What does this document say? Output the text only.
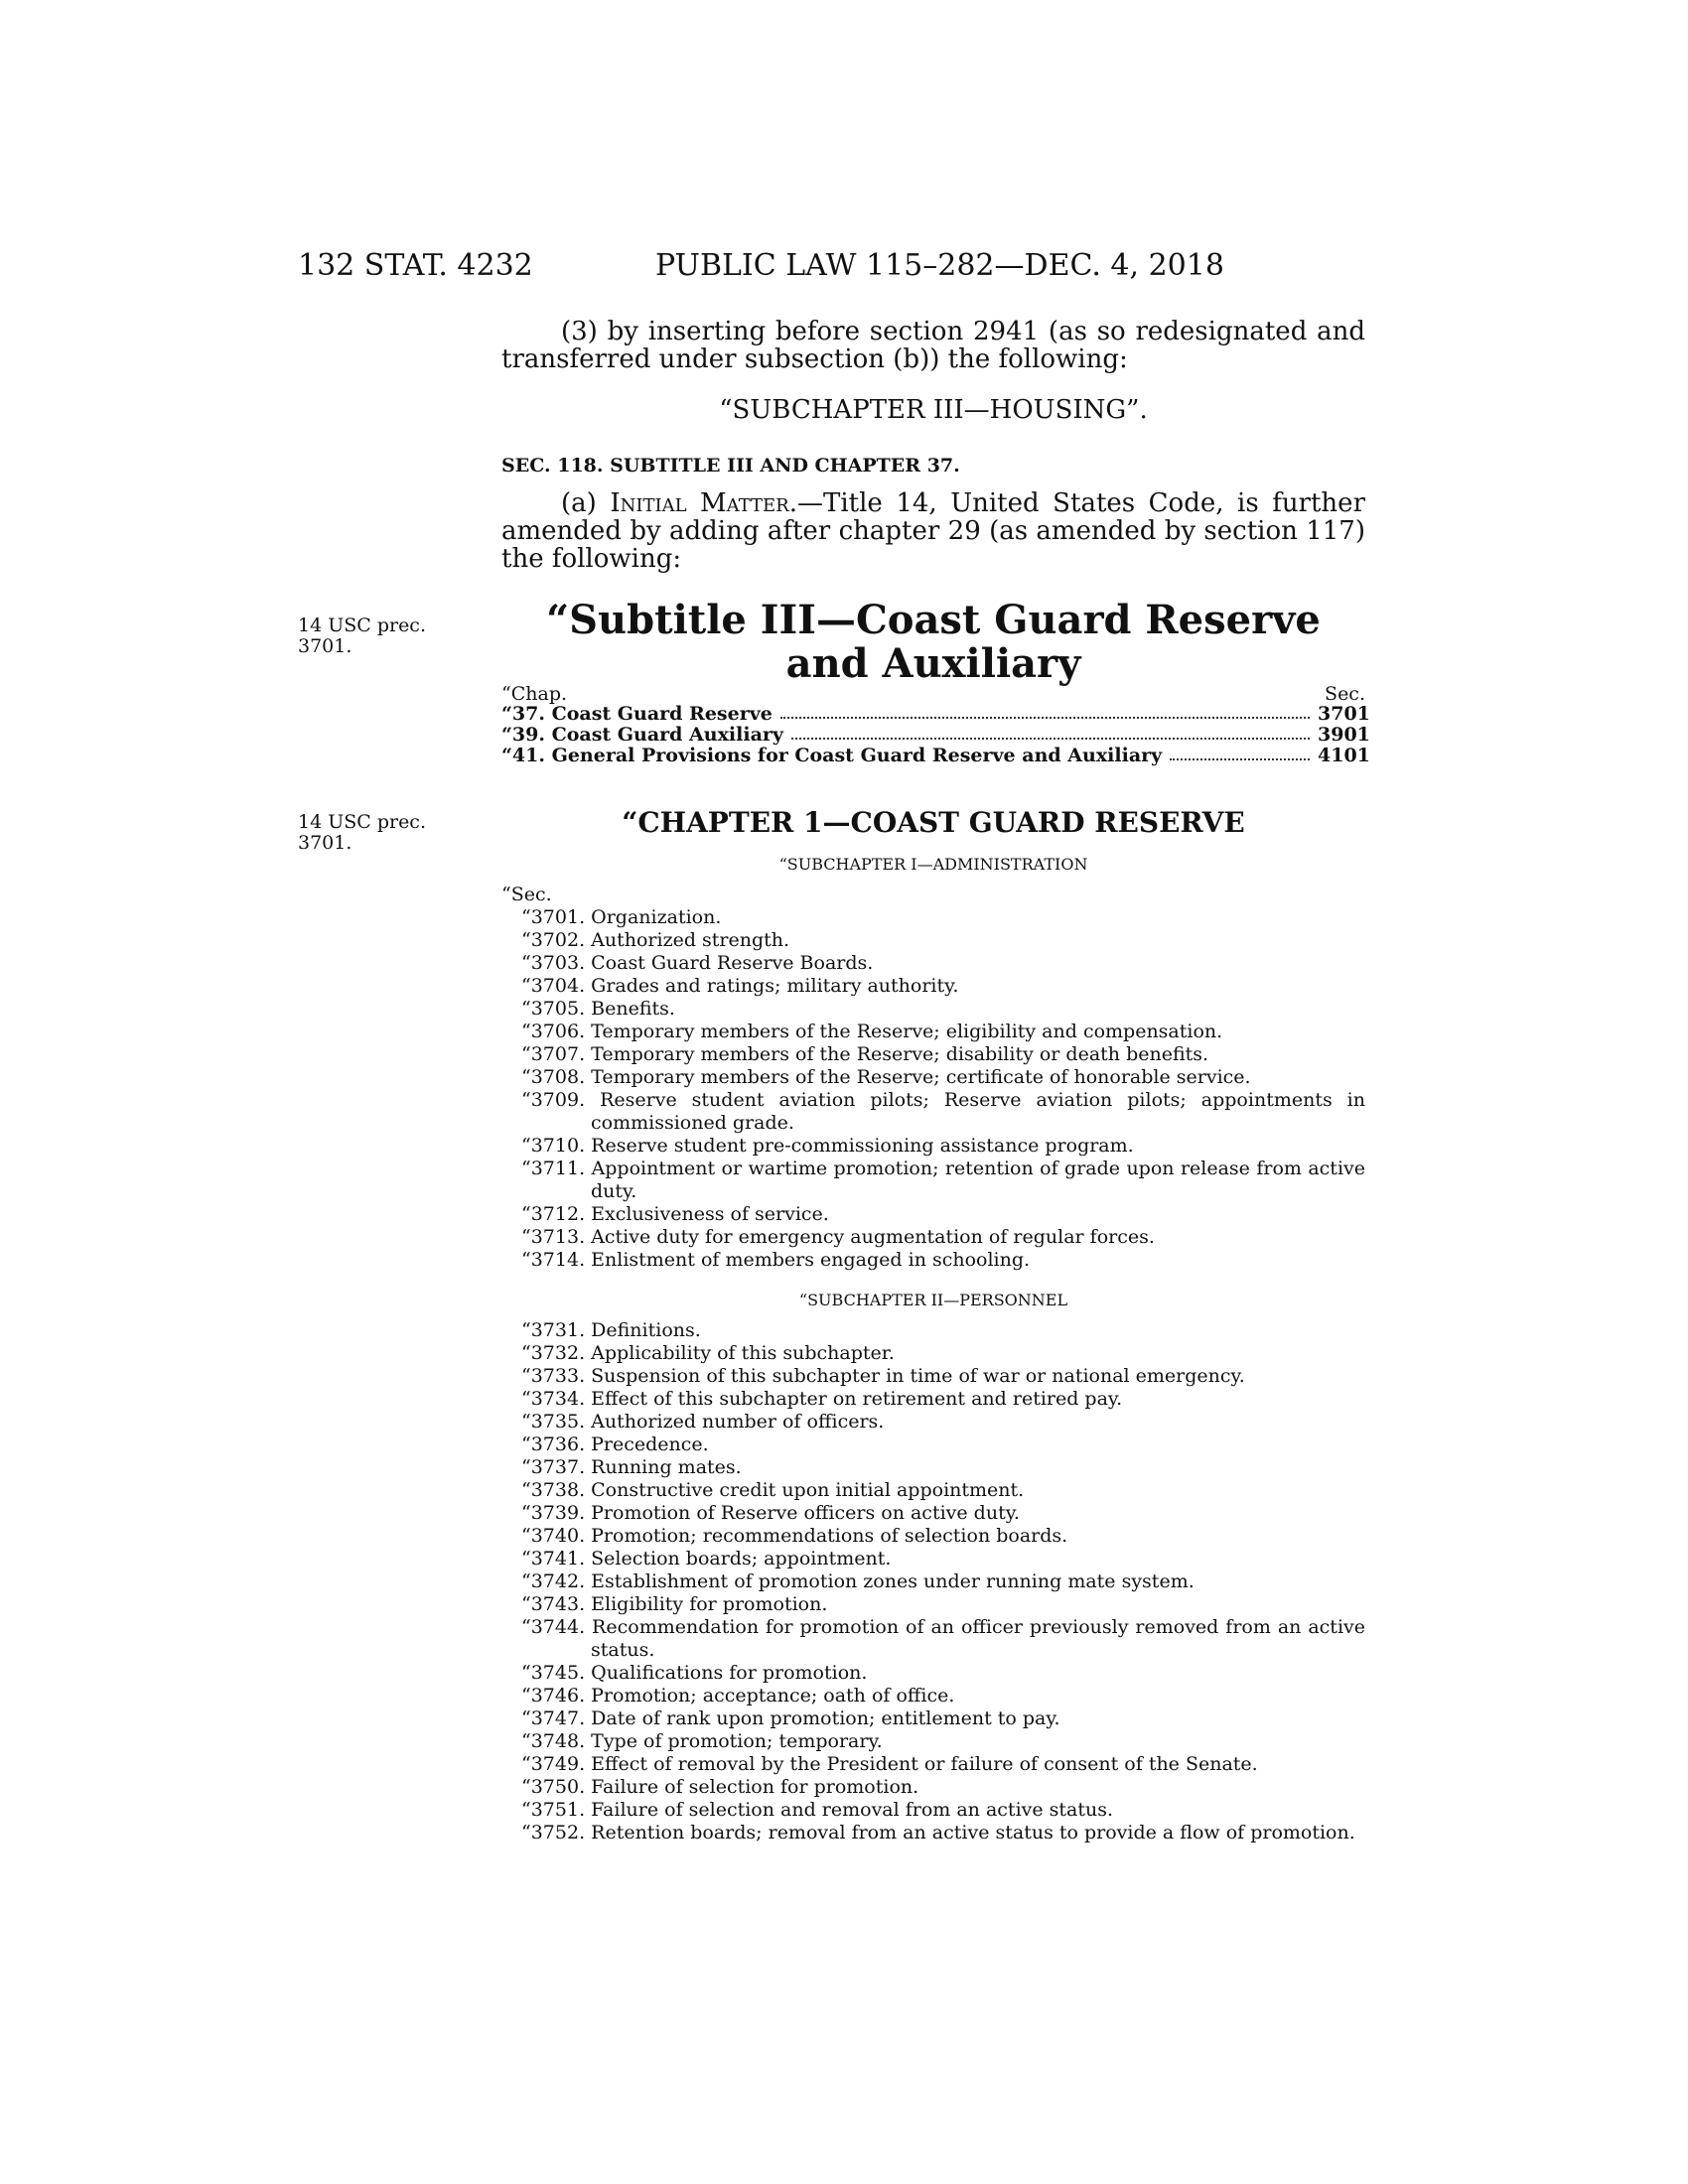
132 STAT. 4232	PUBLIC LAW 115–282—DEC. 4, 2018
(3) by inserting before section 2941 (as so redesignated and transferred under subsection (b)) the following:
“SUBCHAPTER III—HOUSING”.
SEC. 118. SUBTITLE III AND CHAPTER 37.
(a) Initial Matter.—Title 14, United States Code, is further amended by adding after chapter 29 (as amended by section 117) the following:
14 USC prec. 3701.
“Subtitle III—Coast Guard Reserve and Auxiliary
“Chap.	Sec.
“37. Coast Guard Reserve	3701
“39. Coast Guard Auxiliary	3901
“41. General Provisions for Coast Guard Reserve and Auxiliary	4101
14 USC prec. 3701.
“CHAPTER 1—COAST GUARD RESERVE
“SUBCHAPTER I—ADMINISTRATION
“Sec.
“3701. Organization.
“3702. Authorized strength.
“3703. Coast Guard Reserve Boards.
“3704. Grades and ratings; military authority.
“3705. Benefits.
“3706. Temporary members of the Reserve; eligibility and compensation.
“3707. Temporary members of the Reserve; disability or death benefits.
“3708. Temporary members of the Reserve; certificate of honorable service.
“3709. Reserve student aviation pilots; Reserve aviation pilots; appointments in commissioned grade.
“3710. Reserve student pre-commissioning assistance program.
“3711. Appointment or wartime promotion; retention of grade upon release from active duty.
“3712. Exclusiveness of service.
“3713. Active duty for emergency augmentation of regular forces.
“3714. Enlistment of members engaged in schooling.
“SUBCHAPTER II—PERSONNEL
“3731. Definitions.
“3732. Applicability of this subchapter.
“3733. Suspension of this subchapter in time of war or national emergency.
“3734. Effect of this subchapter on retirement and retired pay.
“3735. Authorized number of officers.
“3736. Precedence.
“3737. Running mates.
“3738. Constructive credit upon initial appointment.
“3739. Promotion of Reserve officers on active duty.
“3740. Promotion; recommendations of selection boards.
“3741. Selection boards; appointment.
“3742. Establishment of promotion zones under running mate system.
“3743. Eligibility for promotion.
“3744. Recommendation for promotion of an officer previously removed from an active status.
“3745. Qualifications for promotion.
“3746. Promotion; acceptance; oath of office.
“3747. Date of rank upon promotion; entitlement to pay.
“3748. Type of promotion; temporary.
“3749. Effect of removal by the President or failure of consent of the Senate.
“3750. Failure of selection for promotion.
“3751. Failure of selection and removal from an active status.
“3752. Retention boards; removal from an active status to provide a flow of promotion.
